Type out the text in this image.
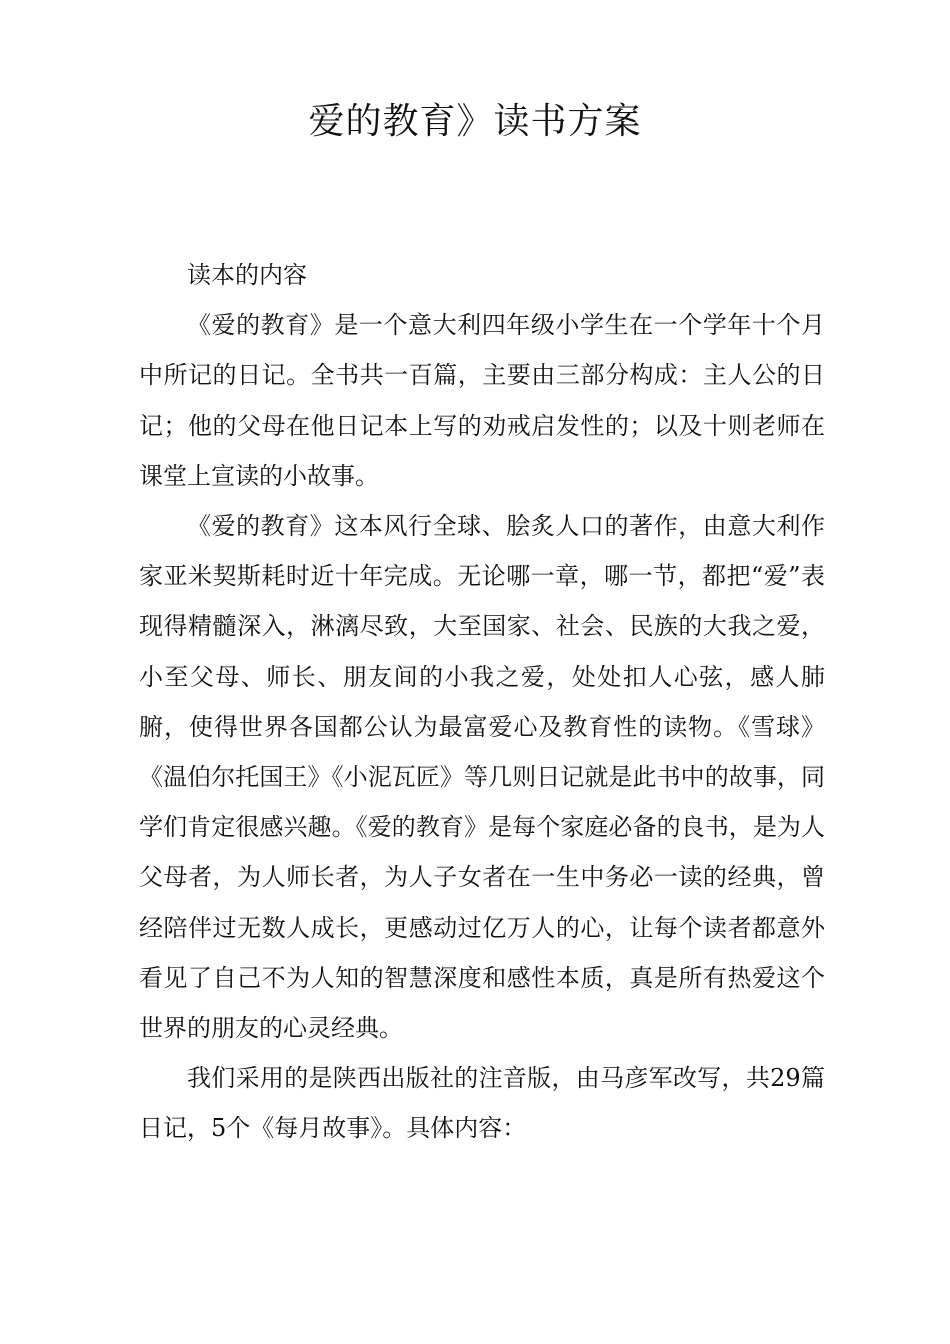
爱的教育》读书方案

读本的内容

《爱的教育》是一个意大利四年级小学生在一个学年十个月中所记的日记。全书共一百篇，主要由三部分构成：主人公的日记；他的父母在他日记本上写的劝戒启发性的；以及十则老师在课堂上宣读的小故事。

《爱的教育》这本风行全球、脍炙人口的著作，由意大利作家亚米契斯耗时近十年完成。无论哪一章，哪一节，都把“爱”表现得精髓深入，淋漓尽致，大至国家、社会、民族的大我之爱，小至父母、师长、朋友间的小我之爱，处处扣人心弦，感人肺腑，使得世界各国都公认为最富爱心及教育性的读物。《雪球》《温伯尔托国王》《小泥瓦匠》等几则日记就是此书中的故事，同学们肯定很感兴趣。《爱的教育》是每个家庭必备的良书，是为人父母者，为人师长者，为人子女者在一生中务必一读的经典，曾经陪伴过无数人成长，更感动过亿万人的心，让每个读者都意外看见了自己不为人知的智慧深度和感性本质，真是所有热爱这个世界的朋友的心灵经典。

我们采用的是陕西出版社的注音版，由马彦军改写，共29篇日记，5个《每月故事》。具体内容：
